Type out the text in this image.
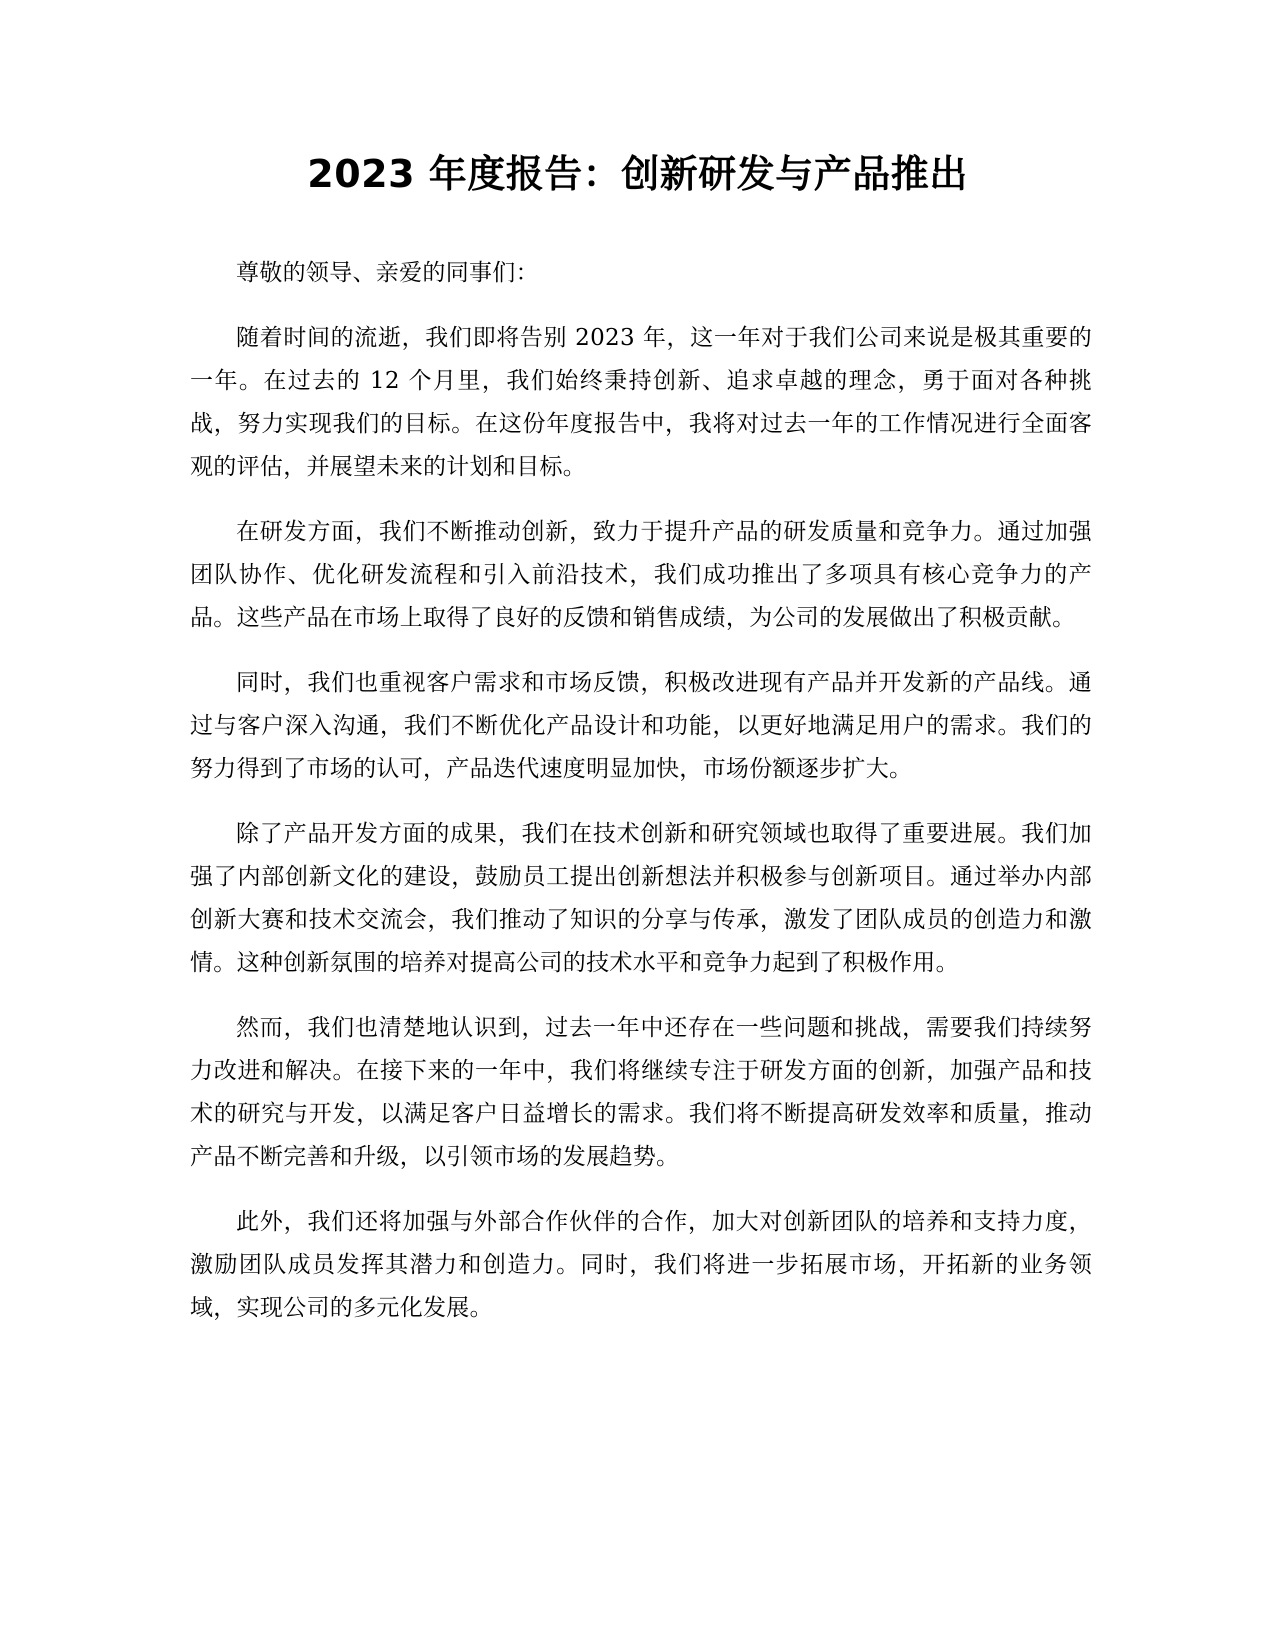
2023 年度报告：创新研发与产品推出

尊敬的领导、亲爱的同事们：

随着时间的流逝，我们即将告别 2023 年，这一年对于我们公司来说是极其重要的一年。在过去的 12 个月里，我们始终秉持创新、追求卓越的理念，勇于面对各种挑战，努力实现我们的目标。在这份年度报告中，我将对过去一年的工作情况进行全面客观的评估，并展望未来的计划和目标。

在研发方面，我们不断推动创新，致力于提升产品的研发质量和竞争力。通过加强团队协作、优化研发流程和引入前沿技术，我们成功推出了多项具有核心竞争力的产品。这些产品在市场上取得了良好的反馈和销售成绩，为公司的发展做出了积极贡献。

同时，我们也重视客户需求和市场反馈，积极改进现有产品并开发新的产品线。通过与客户深入沟通，我们不断优化产品设计和功能，以更好地满足用户的需求。我们的努力得到了市场的认可，产品迭代速度明显加快，市场份额逐步扩大。

除了产品开发方面的成果，我们在技术创新和研究领域也取得了重要进展。我们加强了内部创新文化的建设，鼓励员工提出创新想法并积极参与创新项目。通过举办内部创新大赛和技术交流会，我们推动了知识的分享与传承，激发了团队成员的创造力和激情。这种创新氛围的培养对提高公司的技术水平和竞争力起到了积极作用。

然而，我们也清楚地认识到，过去一年中还存在一些问题和挑战，需要我们持续努力改进和解决。在接下来的一年中，我们将继续专注于研发方面的创新，加强产品和技术的研究与开发，以满足客户日益增长的需求。我们将不断提高研发效率和质量，推动产品不断完善和升级，以引领市场的发展趋势。

此外，我们还将加强与外部合作伙伴的合作，加大对创新团队的培养和支持力度，激励团队成员发挥其潜力和创造力。同时，我们将进一步拓展市场，开拓新的业务领域，实现公司的多元化发展。
